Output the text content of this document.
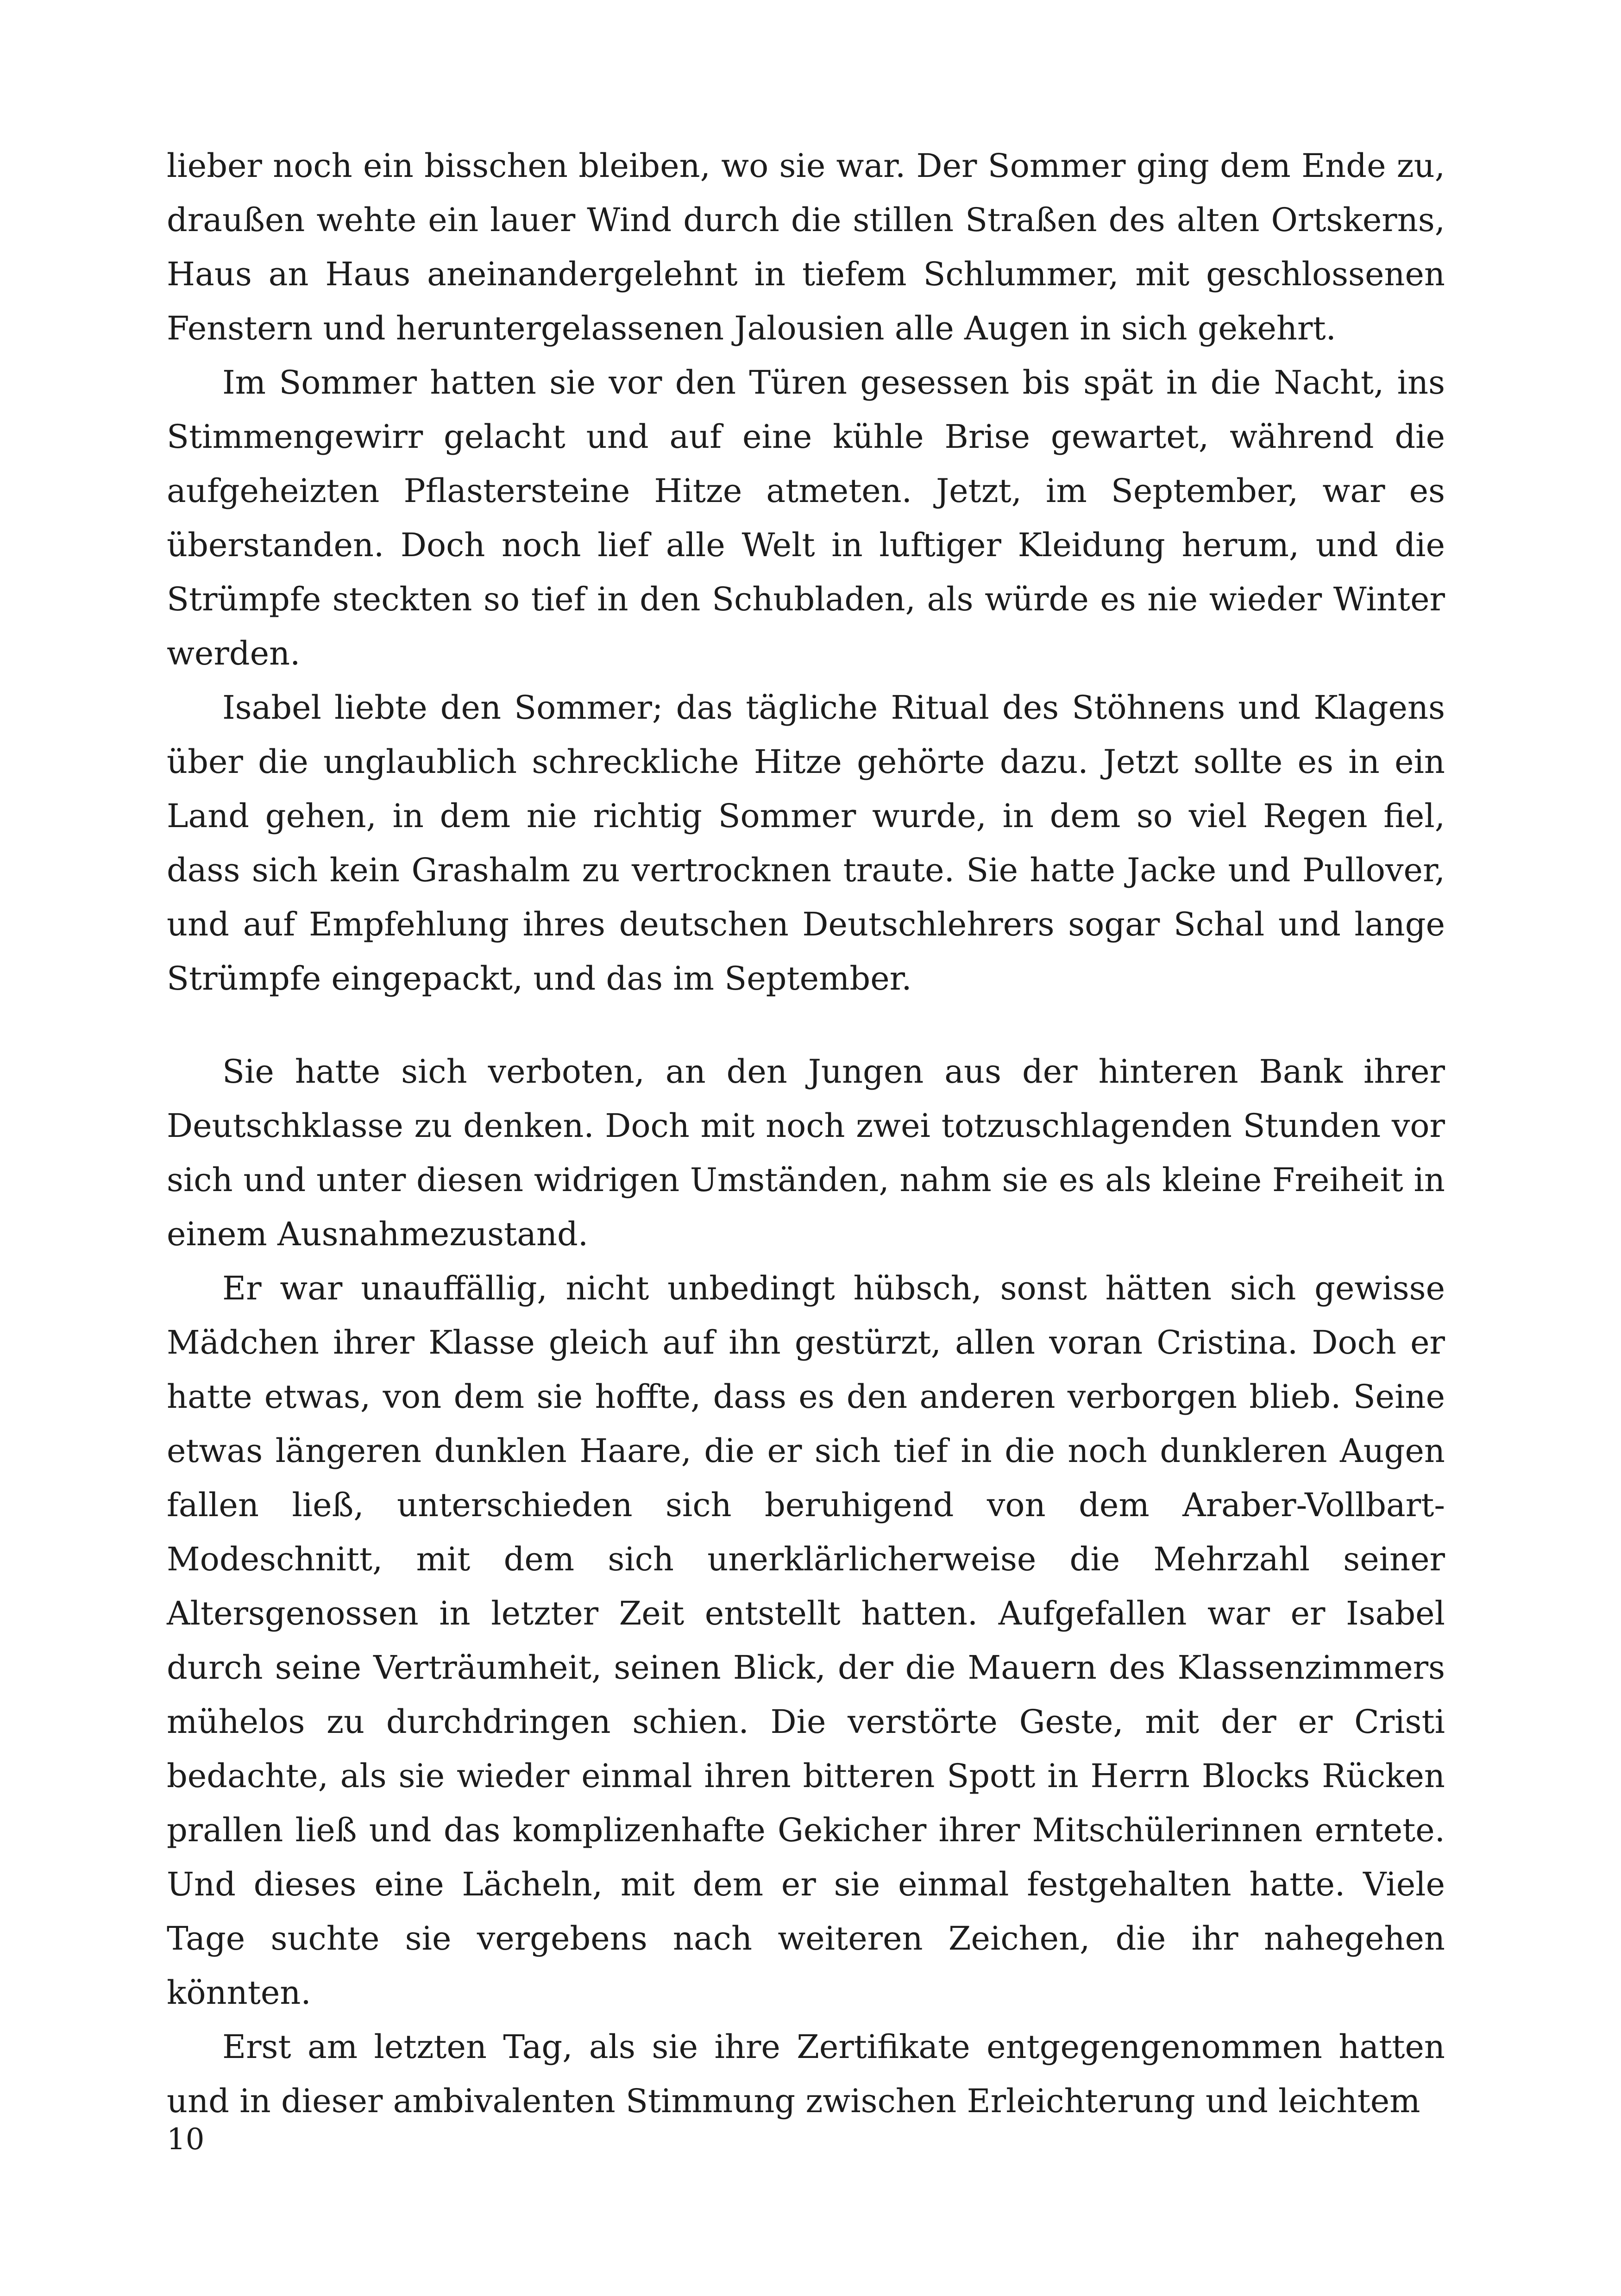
lieber noch ein bisschen bleiben, wo sie war. Der Sommer ging dem Ende zu, draußen wehte ein lauer Wind durch die stillen Straßen des alten Ortskerns, Haus an Haus aneinandergelehnt in tiefem Schlummer, mit geschlossenen Fenstern und heruntergelassenen Jalousien alle Augen in sich gekehrt.

Im Sommer hatten sie vor den Türen gesessen bis spät in die Nacht, ins Stimmengewirr gelacht und auf eine kühle Brise gewartet, während die aufgeheizten Pflastersteine Hitze atmeten. Jetzt, im September, war es überstanden. Doch noch lief alle Welt in luftiger Kleidung herum, und die Strümpfe steckten so tief in den Schubladen, als würde es nie wieder Winter werden.

Isabel liebte den Sommer; das tägliche Ritual des Stöhnens und Klagens über die unglaublich schreckliche Hitze gehörte dazu. Jetzt sollte es in ein Land gehen, in dem nie richtig Sommer wurde, in dem so viel Regen fiel, dass sich kein Grashalm zu vertrocknen traute. Sie hatte Jacke und Pullover, und auf Empfehlung ihres deutschen Deutschlehrers sogar Schal und lange Strümpfe eingepackt, und das im September.

Sie hatte sich verboten, an den Jungen aus der hinteren Bank ihrer Deutschklasse zu denken. Doch mit noch zwei totzuschlagenden Stunden vor sich und unter diesen widrigen Umständen, nahm sie es als kleine Freiheit in einem Ausnahmezustand.

Er war unauffällig, nicht unbedingt hübsch, sonst hätten sich gewisse Mädchen ihrer Klasse gleich auf ihn gestürzt, allen voran Cristina. Doch er hatte etwas, von dem sie hoffte, dass es den anderen verborgen blieb. Seine etwas längeren dunklen Haare, die er sich tief in die noch dunkleren Augen fallen ließ, unterschieden sich beruhigend von dem Araber-Vollbart-Modeschnitt, mit dem sich unerklärlicherweise die Mehrzahl seiner Altersgenossen in letzter Zeit entstellt hatten. Aufgefallen war er Isabel durch seine Verträumheit, seinen Blick, der die Mauern des Klassenzimmers mühelos zu durchdringen schien. Die verstörte Geste, mit der er Cristi bedachte, als sie wieder einmal ihren bitteren Spott in Herrn Blocks Rücken prallen ließ und das komplizenhafte Gekicher ihrer Mitschülerinnen erntete. Und dieses eine Lächeln, mit dem er sie einmal festgehalten hatte. Viele Tage suchte sie vergebens nach weiteren Zeichen, die ihr nahegehen könnten.

Erst am letzten Tag, als sie ihre Zertifikate entgegengenommen hatten und in dieser ambivalenten Stimmung zwischen Erleichterung und leichtem

10
